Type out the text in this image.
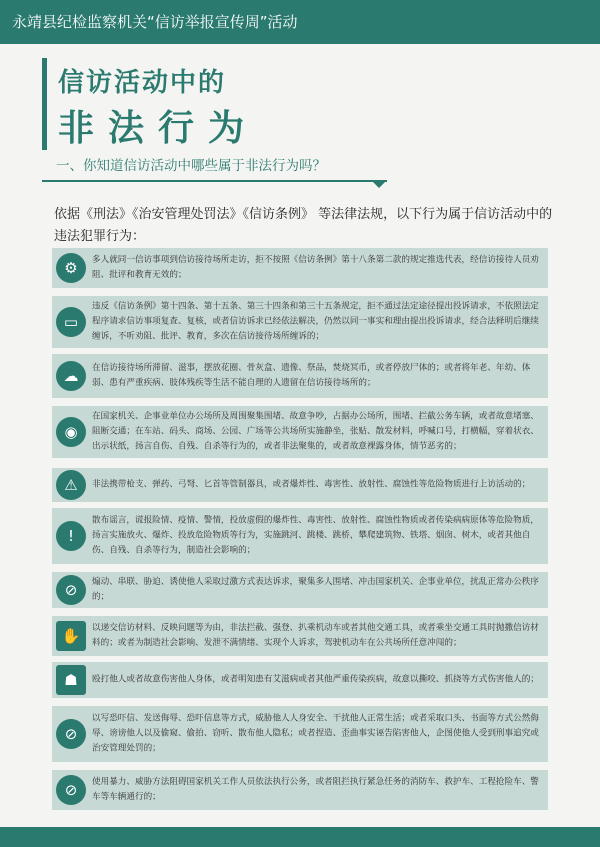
永靖县纪检监察机关“信访举报宣传周”活动
信访活动中的
非法行为
一、你知道信访活动中哪些属于非法行为吗？
依据《刑法》《治安管理处罚法》《信访条例》 等法律法规，以下行为属于信访活动中的违法犯罪行为：
⚙	多人就同一信访事项到信访接待场所走访，拒不按照《信访条例》第十八条第二款的规定推选代表，经信访接待人员劝阻、批评和教育无效的；
▭
违反《信访条例》第十四条、第十五条、第三十四条和第三十五条规定，拒不通过法定途径提出投诉请求，不依照法定程序请求信访事项复查、复核，或者信访诉求已经依法解决，仍然以同一事实和理由提出投诉请求，经合法释明后继续缠诉，不听劝阻、批评、教育，多次在信访接待场所缠诉的；
☁	在信访接待场所滞留、滋事，摆放花圈、骨灰盒、遗像、祭品，焚烧冥币，或者停放尸体的；或者将年老、年幼、体弱、患有严重疾病、肢体残疾等生活不能自理的人遗留在信访接待场所的；
◉
在国家机关、企事业单位办公场所及周围聚集围堵、故意争吵，占据办公场所，围堵、拦截公务车辆，或者故意堵塞、阻断交通；在车站、码头、商场、公园、广场等公共场所实施静坐，张贴、散发材料，呼喊口号，打横幅，穿着状衣、出示状纸，扬言自伤、自残、自杀等行为的，或者非法聚集的，或者故意裸露身体，情节恶劣的；
⚠	非法携带枪支、弹药、弓弩、匕首等管制器具，或者爆炸性、毒害性、放射性、腐蚀性等危险物质进行上访活动的；
!
散布谣言，谎报险情、疫情、警情，投放虚假的爆炸性、毒害性、放射性、腐蚀性物质或者传染病病原体等危险物质，扬言实施放火、爆炸、投放危险物质等行为，实施跳河、跳楼、跳桥，攀爬建筑物、铁塔、烟囱、树木，或者其他自伤、自残、自杀等行为，制造社会影响的；
⊘	煽动、串联、胁迫、诱使他人采取过激方式表达诉求，聚集多人围堵、冲击国家机关、企事业单位，扰乱正常办公秩序的；
✋	以递交信访材料、反映问题等为由，非法拦截、强登、扒乘机动车或者其他交通工具，或者乘坐交通工具时抛撒信访材料的；或者为制造社会影响、发泄不满情绪、实现个人诉求，驾驶机动车在公共场所任意冲闯的；
☗	殴打他人或者故意伤害他人身体，或者明知患有艾滋病或者其他严重传染疾病，故意以撕咬、抓挠等方式伤害他人的；
⊘
以写恐吓信、发送侮辱、恐吓信息等方式，威胁他人人身安全、干扰他人正常生活；或者采取口头、书面等方式公然侮辱、谤谤他人以及偷窥、偷拍、窃听、散布他人隐私；或者捏造、歪曲事实诬告陷害他人，企图使他人受到刑事追究或治安管理处罚的；
⊘	使用暴力、威胁方法阻碍国家机关工作人员依法执行公务，或者阻拦执行紧急任务的消防车、救护车、工程抢险车、警车等车辆通行的；
